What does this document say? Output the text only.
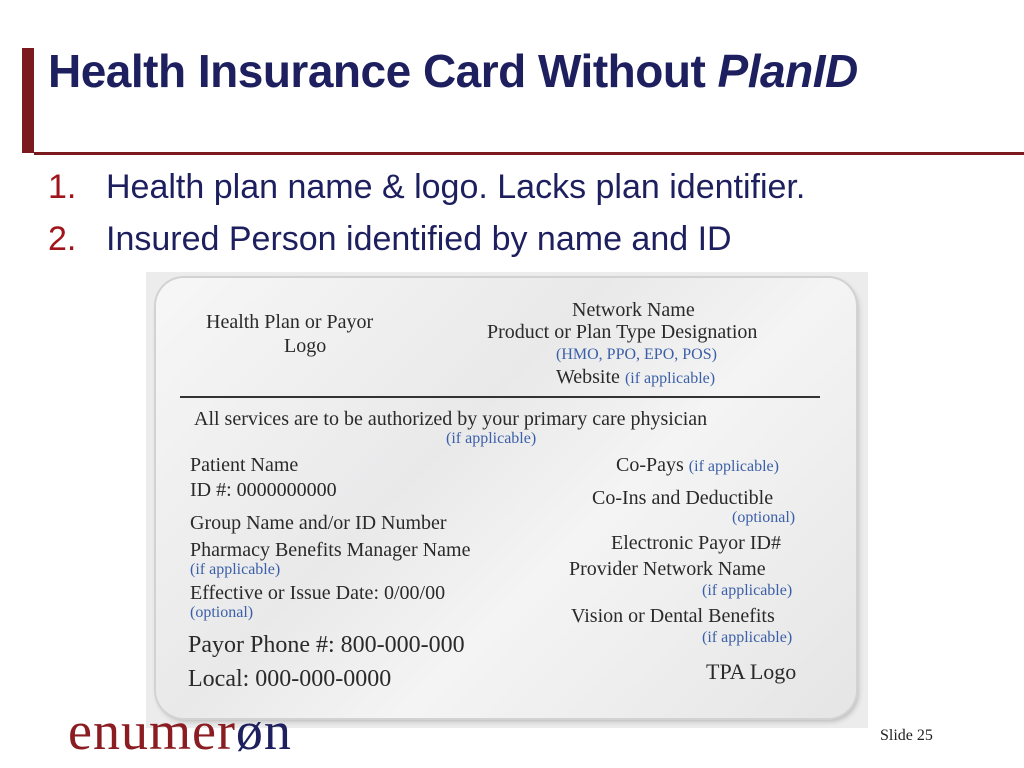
Health Insurance Card Without PlanID
1. Health plan name & logo. Lacks plan identifier.
2. Insured Person identified by name and ID
Health Plan or Payor
Logo
Network Name
Product or Plan Type Designation
(HMO, PPO, EPO, POS)
Website (if applicable)
All services are to be authorized by your primary care physician
(if applicable)
Patient Name
ID #: 0000000000
Group Name and/or ID Number
Pharmacy Benefits Manager Name
(if applicable)
Effective or Issue Date: 0/00/00
(optional)
Payor Phone #: 800-000-000
Local: 000-000-0000
Co-Pays (if applicable)
Co-Ins and Deductible
(optional)
Electronic Payor ID#
Provider Network Name
(if applicable)
Vision or Dental Benefits
(if applicable)
TPA Logo
enumerøn	Slide 25
